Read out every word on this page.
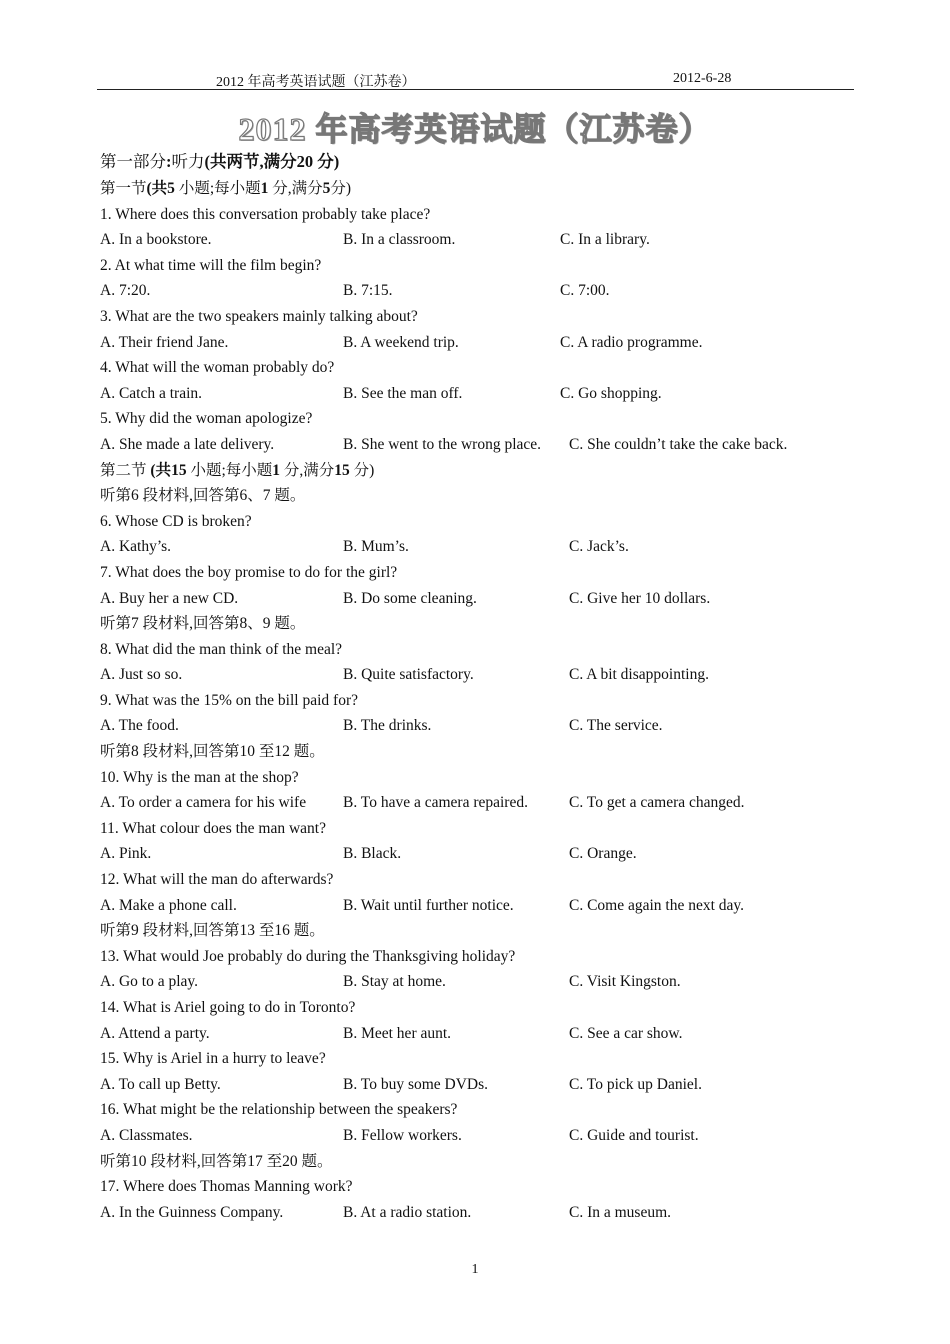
2012 年高考英语试题（江苏卷）	2012-6-28
2012 年高考英语试题（江苏卷）
第一部分:听力(共两节,满分20 分)
第一节(共5 小题;每小题1 分,满分5分)
1. Where does this conversation probably take place?
A. In a bookstore.	B. In a classroom.	C. In a library.
2. At what time will the film begin?
A. 7:20.	B. 7:15.	C. 7:00.
3. What are the two speakers mainly talking about?
A. Their friend Jane.	B. A weekend trip.	C. A radio programme.
4. What will the woman probably do?
A. Catch a train.	B. See the man off.	C. Go shopping.
5. Why did the woman apologize?
A. She made a late delivery.	B. She went to the wrong place. C. She couldn’t take the cake back.
第二节 (共15 小题;每小题1 分,满分15 分)
听第6 段材料,回答第6、7 题。
6. Whose CD is broken?
A. Kathy’s.	B. Mum’s.	C. Jack’s.
7. What does the boy promise to do for the girl?
A. Buy her a new CD.	B. Do some cleaning.	C. Give her 10 dollars.
听第7 段材料,回答第8、9 题。
8. What did the man think of the meal?
A. Just so so.	B. Quite satisfactory.	C. A bit disappointing.
9. What was the 15% on the bill paid for?
A. The food.	B. The drinks.	C. The service.
听第8 段材料,回答第10 至12 题。
10. Why is the man at the shop?
A. To order a camera for his wife B. To have a camera repaired.	C. To get a camera changed.
11. What colour does the man want?
A. Pink.	B. Black.	C. Orange.
12. What will the man do afterwards?
A. Make a phone call.	B. Wait until further notice.	C. Come again the next day.
听第9 段材料,回答第13 至16 题。
13. What would Joe probably do during the Thanksgiving holiday?
A. Go to a play.	B. Stay at home.	C. Visit Kingston.
14. What is Ariel going to do in Toronto?
A. Attend a party.	B. Meet her aunt.	C. See a car show.
15. Why is Ariel in a hurry to leave?
A. To call up Betty.	B. To buy some DVDs.	C. To pick up Daniel.
16. What might be the relationship between the speakers?
A. Classmates.	B. Fellow workers.	C. Guide and tourist.
听第10 段材料,回答第17 至20 题。
17. Where does Thomas Manning work?
A. In the Guinness Company.	B. At a radio station.	C. In a museum.
1
